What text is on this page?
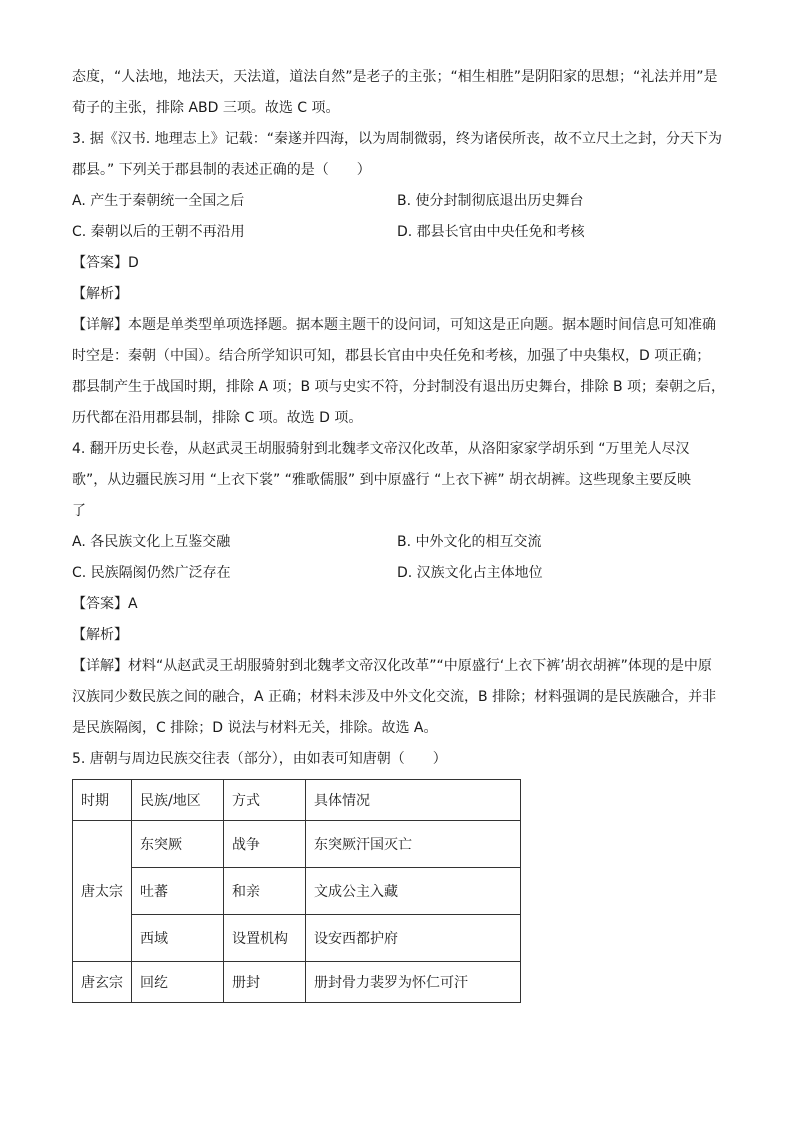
态度，“人法地，地法天，天法道，道法自然”是老子的主张；“相生相胜”是阴阳家的思想；“礼法并用”是

荀子的主张，排除 ABD 三项。故选 C 项。

3. 据《汉书. 地理志上》记载：“秦遂并四海，以为周制微弱，终为诸侯所丧，故不立尺土之封，分天下为

郡县。” 下列关于郡县制的表述正确的是（　　）

A. 产生于秦朝统一全国之后	B. 使分封制彻底退出历史舞台

C. 秦朝以后的王朝不再沿用	D. 郡县长官由中央任免和考核

【答案】D

【解析】

【详解】本题是单类型单项选择题。据本题主题干的设问词，可知这是正向题。据本题时间信息可知准确

时空是：秦朝（中国）。结合所学知识可知，郡县长官由中央任免和考核，加强了中央集权，D 项正确；

郡县制产生于战国时期，排除 A 项；B 项与史实不符，分封制没有退出历史舞台，排除 B 项；秦朝之后，

历代都在沿用郡县制，排除 C 项。故选 D 项。

4. 翻开历史长卷，从赵武灵王胡服骑射到北魏孝文帝汉化改革，从洛阳家家学胡乐到 “万里羌人尽汉

歌”，从边疆民族习用 “上衣下裳” “雅歌儒服” 到中原盛行 “上衣下裤” 胡衣胡裤。这些现象主要反映

了

A. 各民族文化上互鉴交融	B. 中外文化的相互交流

C. 民族隔阂仍然广泛存在	D. 汉族文化占主体地位

【答案】A

【解析】

【详解】材料“从赵武灵王胡服骑射到北魏孝文帝汉化改革”“中原盛行‘上衣下裤’胡衣胡裤”体现的是中原

汉族同少数民族之间的融合，A 正确；材料未涉及中外文化交流，B 排除；材料强调的是民族融合，并非

是民族隔阂，C 排除；D 说法与材料无关，排除。故选 A。

5. 唐朝与周边民族交往表（部分），由如表可知唐朝（　　）

时期	民族/地区	方式	具体情况
唐太宗	东突厥	战争	东突厥汗国灭亡
	吐蕃	和亲	文成公主入藏
	西域	设置机构	设安西都护府
唐玄宗	回纥	册封	册封骨力裴罗为怀仁可汗
